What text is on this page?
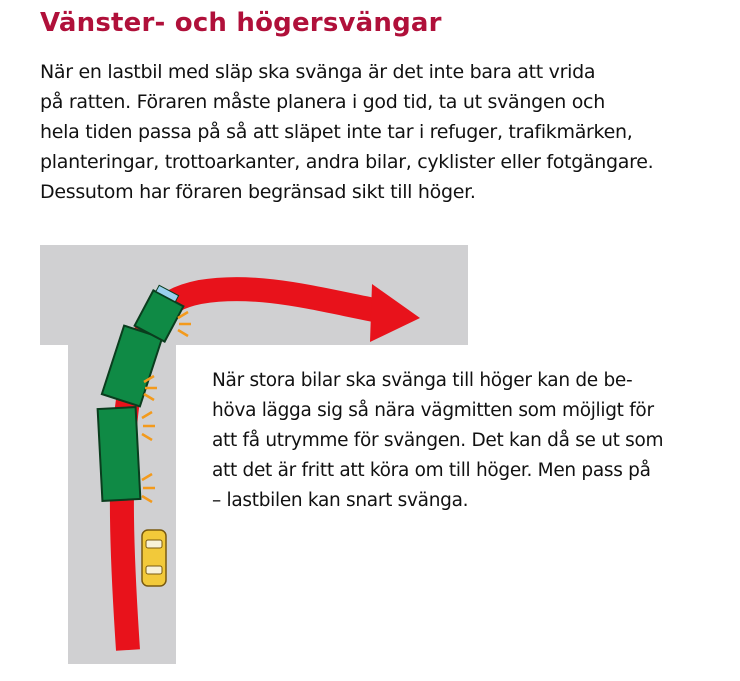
Vänster- och högersvängar
När en lastbil med släp ska svänga är det inte bara att vrida
på ratten. Föraren måste planera i god tid, ta ut svängen och
hela tiden passa på så att släpet inte tar i refuger, trafikmärken,
planteringar, trottoarkanter, andra bilar, cyklister eller fotgängare.
Dessutom har föraren begränsad sikt till höger.
När stora bilar ska svänga till höger kan de be-
höva lägga sig så nära vägmitten som möjligt för
att få utrymme för svängen. Det kan då se ut som
att det är fritt att köra om till höger. Men pass på
– lastbilen kan snart svänga.
